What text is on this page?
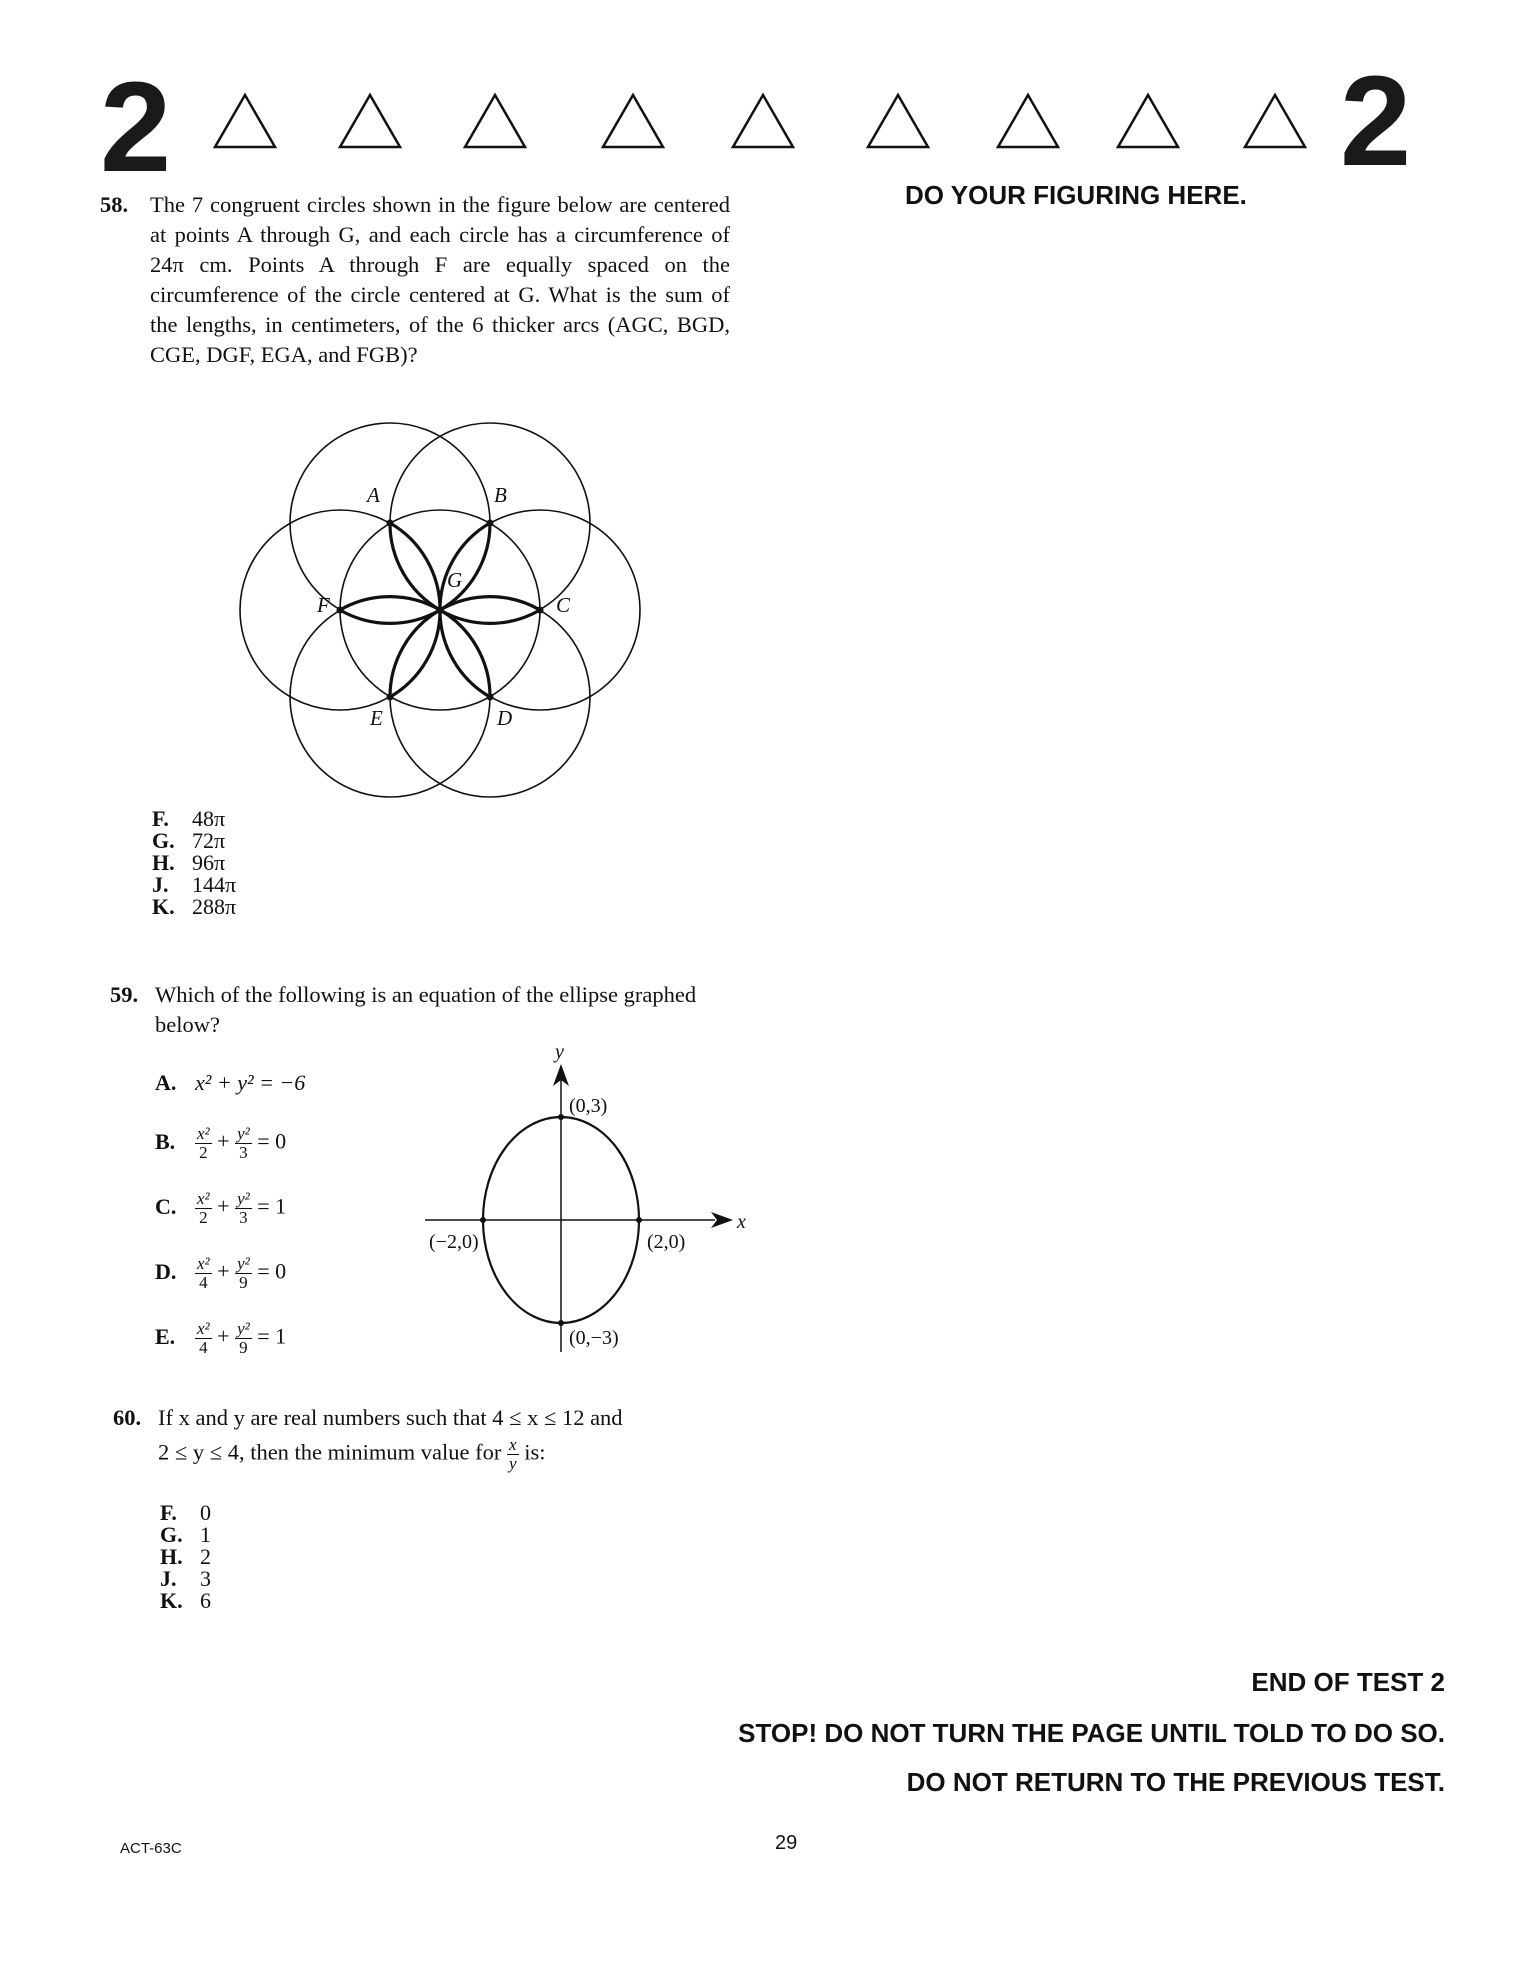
2	2
DO YOUR FIGURING HERE.
58. The 7 congruent circles shown in the figure below are centered at points A through G, and each circle has a circumference of 24π cm. Points A through F are equally spaced on the circumference of the circle centered at G. What is the sum of the lengths, in centimeters, of the 6 thicker arcs (AGC, BGD, CGE, DGF, EGA, and FGB)?
A	B
C
D
E
F
G
F. 48π
G. 72π
H. 96π
J. 144π
K. 288π
59. Which of the following is an equation of the ellipse graphed below?
A. x² + y² = −6
B. $\frac{\text{x²}}{2} + \frac{\text{y²}}{3} = 0$
C. $\frac{\text{x²}}{2} + \frac{\text{y²}}{3} = 1$
D. $\frac{\text{x²}}{4} + \frac{\text{y²}}{9} = 0$
E. $\frac{\text{x²}}{4} + \frac{\text{y²}}{9} = 1$
y
x
(0,3)
(−2,0)	(2,0)
(0,−3)
60. If x and y are real numbers such that 4 ≤ x ≤ 12 and
2 ≤ y ≤ 4, then the minimum value for $\frac{x}{y}$ is:
F. 0
G. 1
H. 2
J. 3
K. 6
END OF TEST 2
STOP! DO NOT TURN THE PAGE UNTIL TOLD TO DO SO.
DO NOT RETURN TO THE PREVIOUS TEST.
ACT-63C	29
